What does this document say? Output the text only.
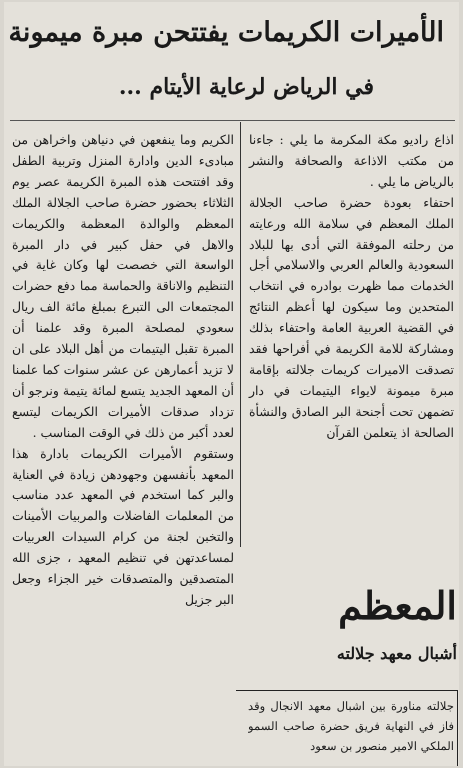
الأميرات الكريمات يفتتحن مبرة ميمونة
في الرياض لرعاية الأيتام ...

اذاع راديو مكة المكرمة ما يلي : جاءنا من مكتب الاذاعة والصحافة والنشر بالرياض ما يلي .

احتفاء بعودة حضرة صاحب الجلالة الملك المعظم في سلامة الله ورعايته من رحلته الموفقة التي أدى بها للبلاد السعودية والعالم العربي والاسلامي أجل الخدمات مما ظهرت بوادره في انتخاب المتحدين وما سيكون لها أعظم النتائج في القضية العربية العامة واحتفاء بذلك ومشاركة للامة الكريمة في أفراحها فقد تصدقت الاميرات كريمات جلالته بإقامة مبرة ميمونة لايواء اليتيمات في دار تضمهن تحت أجنحة البر الصادق والنشأة الصالحة اذ يتعلمن القرآن

الكريم وما ينفعهن في دنياهن واخراهن من مبادىء الدين وادارة المنزل وتربية الطفل وقد افتتحت هذه المبرة الكريمة عصر يوم الثلاثاء بحضور حضرة صاحب الجلالة الملك المعظم والوالدة المعظمة والكريمات والاهل في حفل كبير في دار المبرة الواسعة التي خصصت لها وكان غاية في التنظيم والاناقة والحماسة مما دفع حضرات المجتمعات الى التبرع بمبلغ مائة الف ريال سعودي لمصلحة المبرة وقد علمنا أن المبرة تقبل اليتيمات من أهل البلاد على ان لا تزيد أعمارهن عن عشر سنوات كما علمنا أن المعهد الجديد يتسع لمائة يتيمة ونرجو أن تزداد صدقات الأميرات الكريمات ليتسع لعدد أكبر من ذلك في الوقت المناسب .

وستقوم الأميرات الكريمات بادارة هذا المعهد بأنفسهن وجهودهن زيادة في العناية والبر كما استخدم في المعهد عدد مناسب من المعلمات الفاضلات والمربيات الأمينات والتخبن لجنة من كرام السيدات العربيات لمساعدتهن في تنظيم المعهد ، جزى الله المتصدقين والمتصدقات خير الجزاء وجعل البر جزيل	المعظم
أشبال معهد جلالته

جلالته مناورة بين اشبال معهد الانجال وقد فاز في النهاية فريق حضرة صاحب السمو الملكي الامير منصور بن سعود
